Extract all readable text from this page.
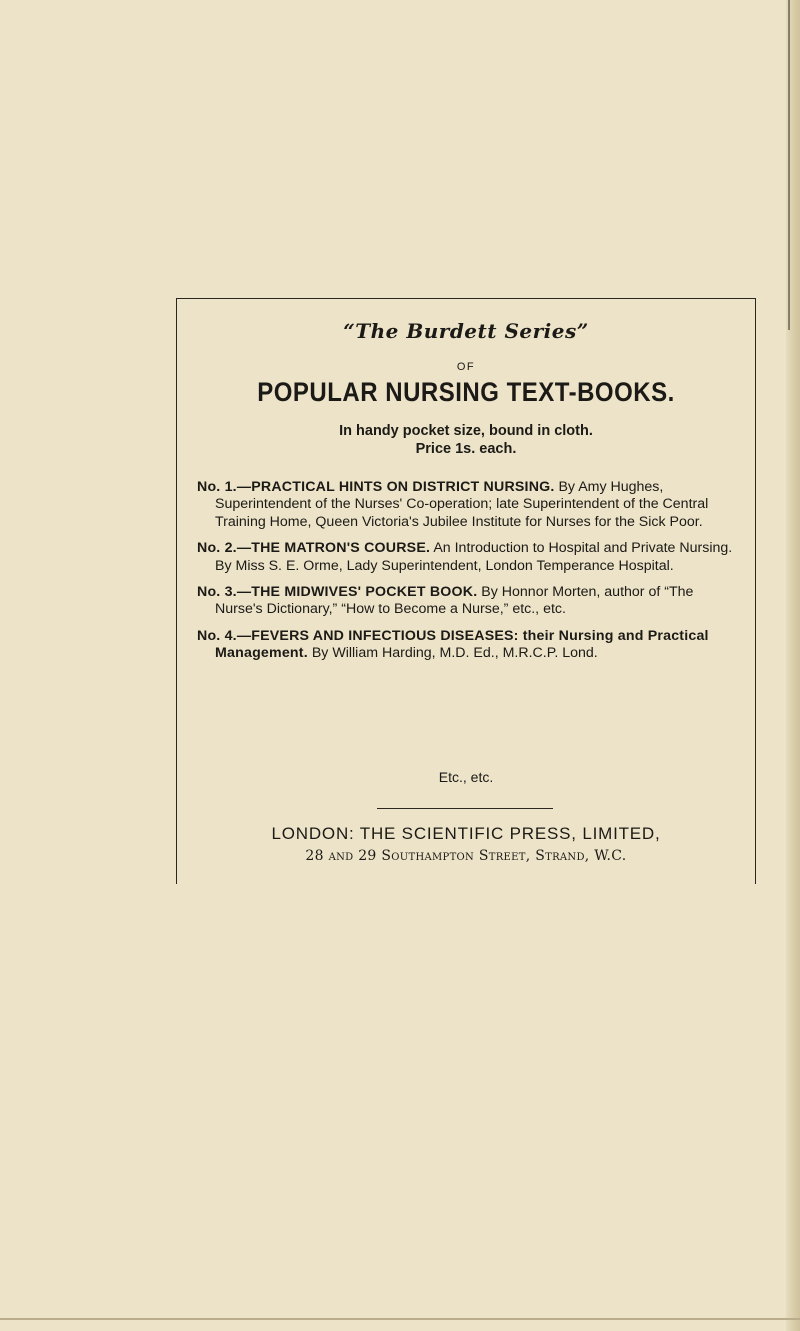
“The Burdett Series”
OF
POPULAR NURSING TEXT-BOOKS.
In handy pocket size, bound in cloth.
Price 1s. each.
No. 1.—PRACTICAL HINTS ON DISTRICT NURSING. By Amy Hughes, Superintendent of the Nurses' Co-operation; late Superintendent of the Central Training Home, Queen Victoria's Jubilee Institute for Nurses for the Sick Poor.
No. 2.—THE MATRON'S COURSE. An Introduction to Hospital and Private Nursing. By Miss S. E. Orme, Lady Superintendent, London Temperance Hospital.
No. 3.—THE MIDWIVES' POCKET BOOK. By Honnor Morten, author of “The Nurse's Dictionary,” “How to Become a Nurse,” etc., etc.
No. 4.—FEVERS AND INFECTIOUS DISEASES: their Nursing and Practical Management. By William Harding, M.D. Ed., M.R.C.P. Lond.
Etc., etc.
LONDON: THE SCIENTIFIC PRESS, LIMITED,
28 and 29 Southampton Street, Strand, W.C.
